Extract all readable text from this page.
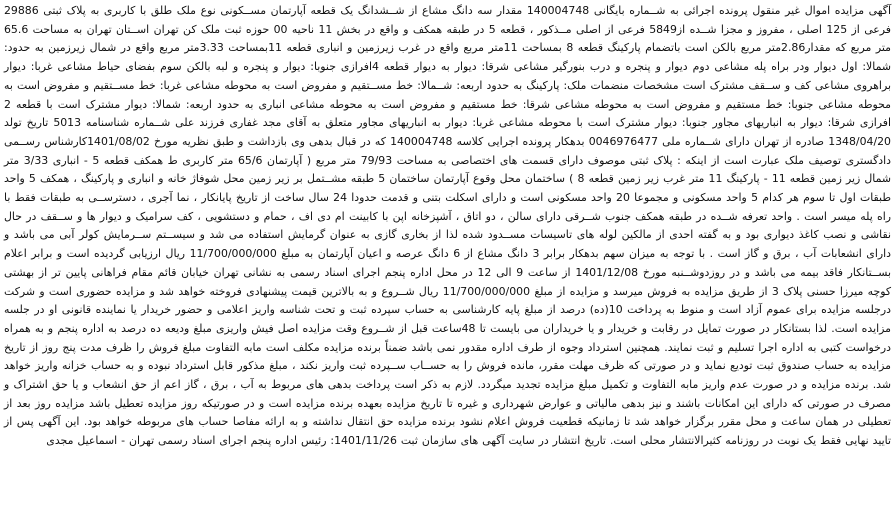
آگهی مزایده اموال غیر منقول پرونده اجرائی به شــماره بایگانی 140004748 مقدار سه دانگ مشاع از شــشدانگ یک قطعه آپارتمان مســکونی نوع ملک طلق با کاربری به پلاک ثبتی 29886 فرعی از 125 اصلی ، مفروز و مجزا شــده از5849 فرعی از اصلی مــذکور ، قطعه 5 در طبقه همکف و واقع در بخش 11 ناحیه 00 حوزه ثبت ملک کن تهران اســتان تهران به مساحت 65.6 متر مربع که مقدار2.86متر مربع بالکن است باتضمام پارکینگ قطعه 8 بمساحت 11متر مربع واقع در غرب زیرزمین و انباری قطعه 11بمساحت 3.33متر مربع واقع در شمال زیرزمین به حدود: شمالا: اول دیوار ودر براه پله مشاعی دوم دیوار و پنجره و درب بنورگیر مشاعی شرقا: دیوار به دیوار قطعه 4افرازی جنوبا: دیوار و پنجره و لبه بالکن سوم بفضای حیاط مشاعی غربا: دیوار براهروی مشاعی کف و ســقف مشترک است مشخصات منضمات ملک: پارکینگ به حدود اربعه: شــمالا: خط مســتقیم و مفروض است به محوطه مشاعی غربا: خط مســتقیم و مفروض است به محوطه مشاعی جنوبا: خط مستقیم و مفروض است به محوطه مشاعی شرقا: خط مستقیم و مفروض است به محوطه مشاعی انباری به حدود اربعه: شمالا: دیوار مشترک است با قطعه 2 افرازی شرقا: دیوار به انباریهای مجاور جنوبا: دیوار مشترک است با محوطه مشاعی غربا: دیوار به انباریهای مجاور متعلق به آقای مجد غفاری فرزند علی شــماره شناسنامه 5013 تاریخ تولد 1348/04/20 صادره از تهران دارای شــماره ملی 0046976477 بدهکار پرونده اجرایی کلاسه 140004748 که در قبال بدهی وی بازداشت و طبق نظریه مورخ 1401/08/02کارشناس رســمی دادگستری توصیف ملک عبارت است از اینکه : پلاک ثبتی موصوف دارای قسمت های اختصاصی به مساحت 79/93 متر مربع ( آپارتمان 65/6 متر کاربری ط همکف قطعه 5 - انباری 3/33 متر شمال زیر زمین قطعه 11 - پارکینگ 11 متر غرب زیر زمین قطعه 8 ) ساختمان محل وقوع آپارتمان ساختمان 5 طبقه مشــتمل بر زیر زمین محل شوفاژ خانه و انباری و پارکینگ ، همکف 5 واحد طبقات اول تا سوم هر کدام 5 واحد مسکونی و مجموعا 20 واحد مسکونی است و دارای اسکلت بتنی و قدمت حدودا 24 سال ساخت از تاریخ پایانکار ، نما آجری ، دسترســی به طبقات فقط با راه پله میسر است . واحد تعرفه شــده در طبقه همکف جنوب شــرقی دارای سالن ، دو اتاق ، آشپزخانه اپن با کابینت ام دی اف ، حمام و دستشویی ، کف سرامیک و دیوار ها و ســقف در حال نقاشی و نصب کاغذ دیواری بود و به گفته احدی از مالکین لوله های تاسیسات مســدود شده لذا از بخاری گازی به عنوان گرمایش استفاده می شد و سیســتم ســرمایش کولر آبی می باشد و دارای انشعابات آب ، برق و گاز است . با توجه به میزان سهم بدهکار برابر 3 دانگ مشاع از 6 دانگ عرصه و اعیان آپارتمان به مبلغ 11/700/000/000 ریال ارزیابی گردیده است و برابر اعلام بســتانکار فاقد بیمه می باشد و در روزدوشــنبه مورخ 1401/12/08 از ساعت 9 الی 12 در محل اداره پنجم اجرای اسناد رسمی به نشانی تهران خیابان قائم مقام فراهانی پایین تر از بهشتی کوچه میرزا حسنی پلاک 3 از طریق مزایده به فروش میرسد و مزایده از مبلغ 11/700/000/000 ریال شــروع و به بالاترین قیمت پیشنهادی فروخته خواهد شد و مزایده حضوری است و شرکت درجلسه مزایده برای عموم آزاد است و منوط به پرداخت 10(ده) درصد از مبلغ پایه کارشناسی به حساب سپرده ثبت و تحت شناسه واریز اعلامی و حضور خریدار یا نماینده قانونی او در جلسه مزایده است. لذا بستانکار در صورت تمایل در رقابت و خریدار و یا خریداران می بایست تا 48ساعت قبل از شــروع وقت مزایده اصل فیش واریزی مبلغ ودیعه ده درصد به اداره پنجم و به همراه درخواست کتبی به اداره اجرا تسلیم و ثبت نمایند. همچنین استرداد وجوه از طرف اداره مقدور نمی باشد ضمناً برنده مزایده مکلف است مابه التفاوت مبلغ فروش را ظرف مدت پنج روز از تاریخ مزایده به حساب صندوق ثبت تودیع نماید و در صورتی که ظرف مهلت مقرر، مانده فروش را به حســاب ســپرده ثبت واریز نکند ، مبلغ مذکور قابل استرداد نبوده و به حساب خزانه واریز خواهد شد. برنده مزایده و در صورت عدم واریز مابه التفاوت و تکمیل مبلغ مزایده تجدید میگردد. لازم به ذکر است پرداخت بدهی های مربوط به آب ، برق ، گاز اعم از حق انشعاب و یا حق اشتراک و مصرف در صورتی که دارای این امکانات باشند و نیز بدهی مالیاتی و عوارض شهرداری و غیره تا تاریخ مزایده بعهده برنده مزایده است و در صورتیکه روز مزایده تعطیل باشد مزایده روز بعد از تعطیلی در همان ساعت و محل مقرر برگزار خواهد شد تا زمانیکه قطعیت فروش اعلام نشود برنده مزایده حق انتقال نداشته و به ارائه مفاصا حساب های مربوطه خواهد بود. این آگهی پس از تایید نهایی فقط یک نوبت در روزنامه کثیرالانتشار محلی است. تاریخ انتشار در سایت آگهی های سازمان ثبت 1401/11/26: رئیس اداره پنجم اجرای اسناد رسمی تهران - اسماعیل مجدی
